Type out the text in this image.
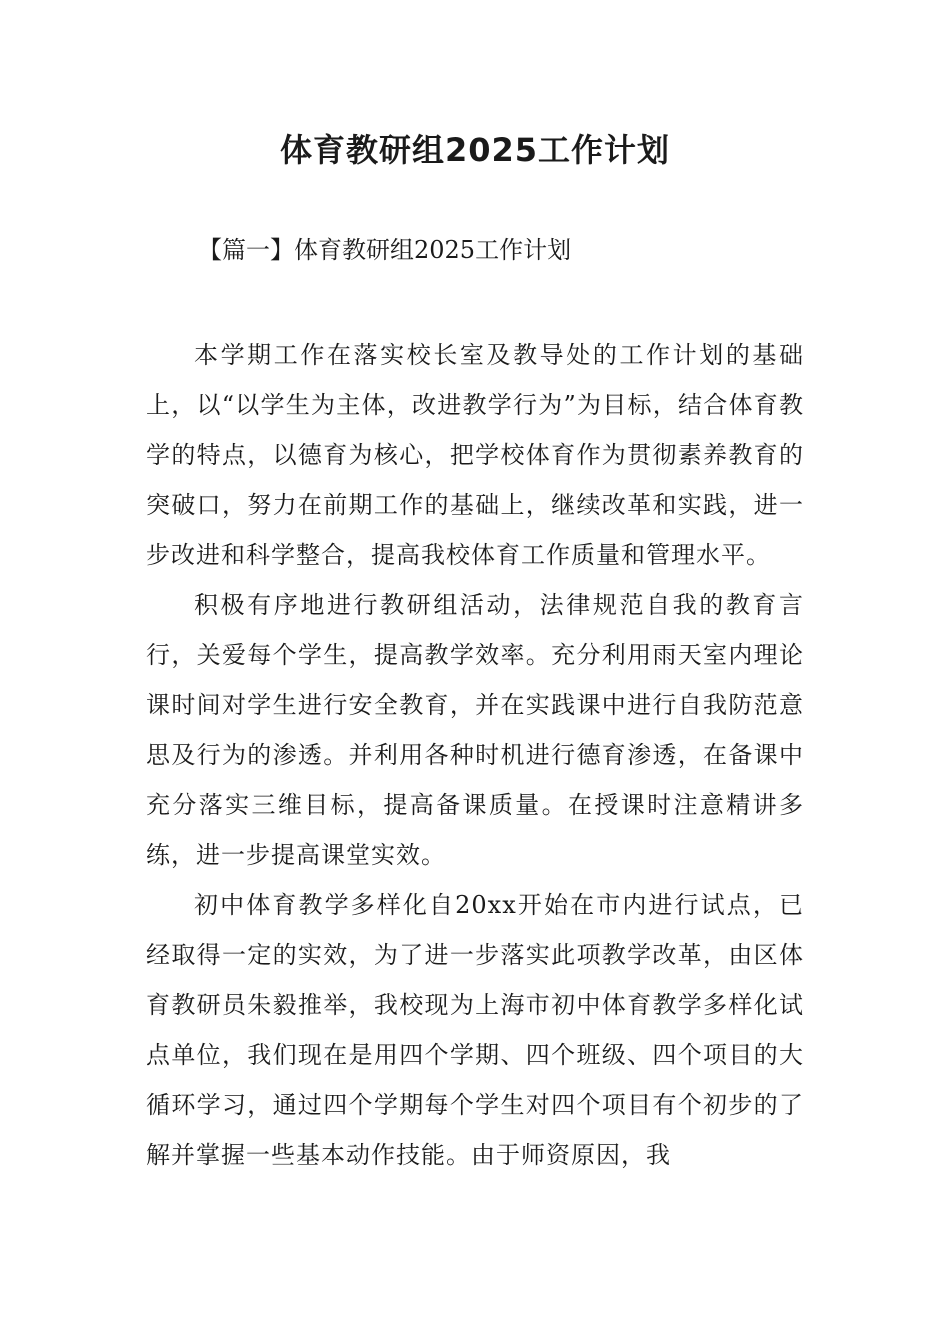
体育教研组2025工作计划

【篇一】体育教研组2025工作计划

本学期工作在落实校长室及教导处的工作计划的基础上，以“以学生为主体，改进教学行为”为目标，结合体育教学的特点，以德育为核心，把学校体育作为贯彻素养教育的突破口，努力在前期工作的基础上，继续改革和实践，进一步改进和科学整合，提高我校体育工作质量和管理水平。

积极有序地进行教研组活动，法律规范自我的教育言行，关爱每个学生，提高教学效率。充分利用雨天室内理论课时间对学生进行安全教育，并在实践课中进行自我防范意思及行为的渗透。并利用各种时机进行德育渗透，在备课中充分落实三维目标，提高备课质量。在授课时注意精讲多练，进一步提高课堂实效。

初中体育教学多样化自20xx开始在市内进行试点，已经取得一定的实效，为了进一步落实此项教学改革，由区体育教研员朱毅推举，我校现为上海市初中体育教学多样化试点单位，我们现在是用四个学期、四个班级、四个项目的大循环学习，通过四个学期每个学生对四个项目有个初步的了解并掌握一些基本动作技能。由于师资原因，我
